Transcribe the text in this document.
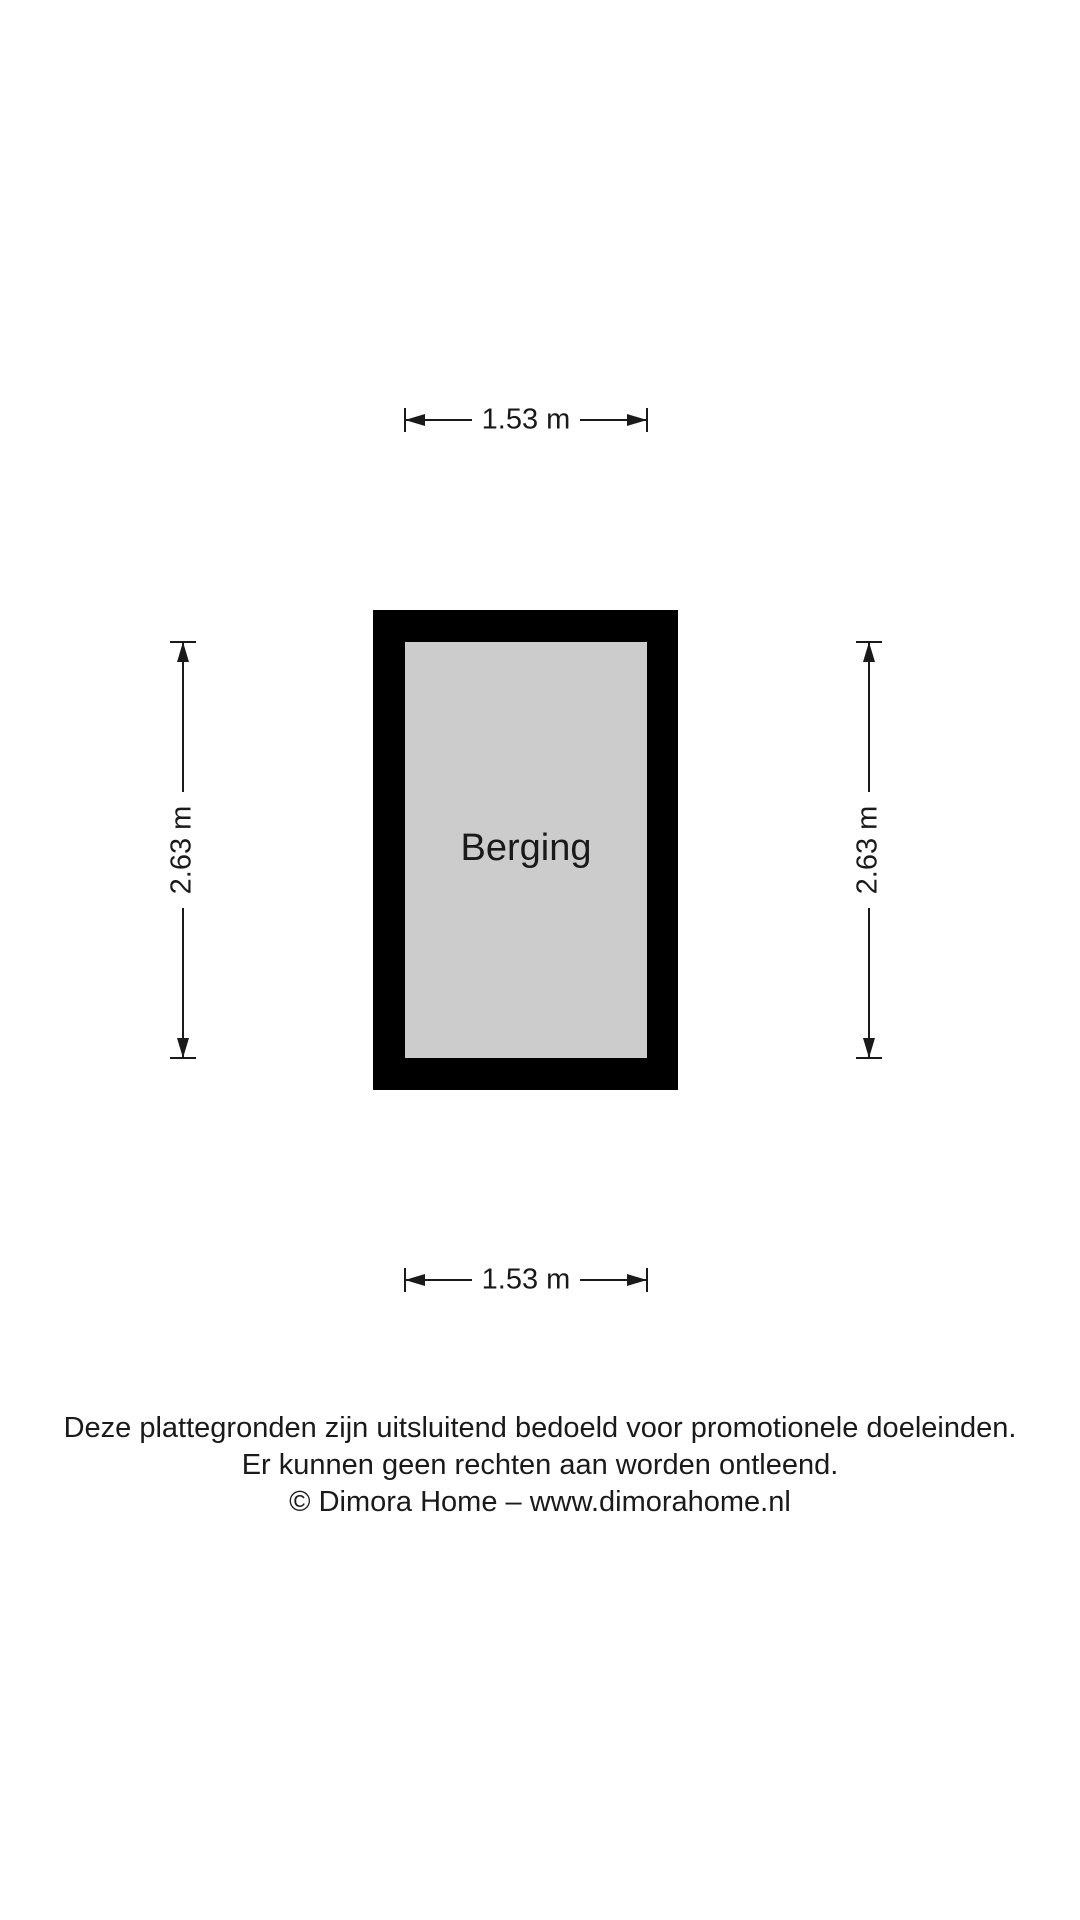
Berging
1.53 m
1.53 m
2.63 m	2.63 m
Deze plattegronden zijn uitsluitend bedoeld voor promotionele doeleinden.
Er kunnen geen rechten aan worden ontleend.
© Dimora Home – www.dimorahome.nl
